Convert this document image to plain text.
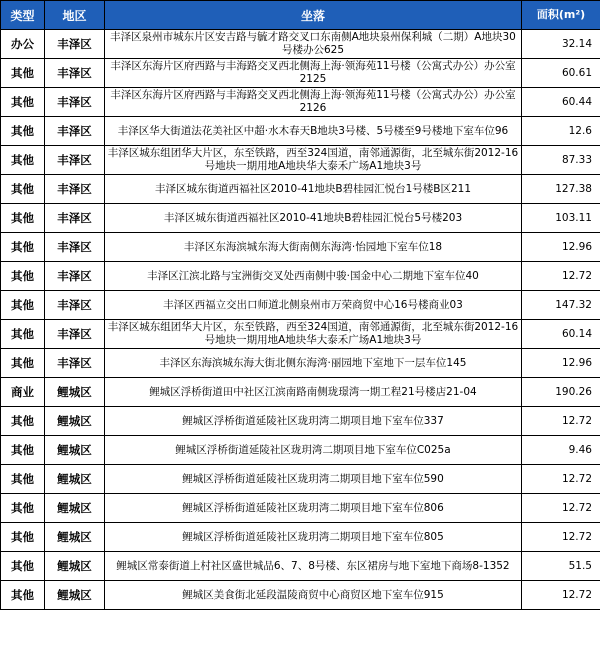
类型	地区	坐落	面积(m²)
办公	丰泽区	丰泽区泉州市城东片区安吉路与毓才路交叉口东南侧A地块泉州保利城（二期）A地块30号楼办公625	32.14
其他	丰泽区	丰泽区东海片区府西路与丰海路交叉西北侧海上海·领海苑11号楼（公寓式办公）办公室2125	60.61
其他	丰泽区	丰泽区东海片区府西路与丰海路交叉西北侧海上海·领海苑11号楼（公寓式办公）办公室2126	60.44
其他	丰泽区	丰泽区华大街道法花美社区中超·水木春天B地块3号楼、5号楼至9号楼地下室车位96	12.6
其他	丰泽区	丰泽区城东组团华大片区，东至铁路，西至324国道，南邻通源街，北至城东街2012-16号地块一期用地A地块华大泰禾广场A1地块3号	87.33
其他	丰泽区	丰泽区城东街道西福社区2010-41地块B碧桂园汇悦台1号楼B区211	127.38
其他	丰泽区	丰泽区城东街道西福社区2010-41地块B碧桂园汇悦台5号楼203	103.11
其他	丰泽区	丰泽区东海滨城东海大街南侧东海湾·怡园地下室车位18	12.96
其他	丰泽区	丰泽区江滨北路与宝洲街交叉处西南侧中骏·国金中心二期地下室车位40	12.72
其他	丰泽区	丰泽区西福立交出口师道北侧泉州市万荣商贸中心16号楼商业03	147.32
其他	丰泽区	丰泽区城东组团华大片区，东至铁路，西至324国道，南邻通源街，北至城东街2012-16号地块一期用地A地块华大泰禾广场A1地块3号	60.14
其他	丰泽区	丰泽区东海滨城东海大街北侧东海湾·丽园地下室地下一层车位145	12.96
商业	鲤城区	鲤城区浮桥街道田中社区江滨南路南侧珑璟湾一期工程21号楼店21-04	190.26
其他	鲤城区	鲤城区浮桥街道延陵社区珑玥湾二期项目地下室车位337	12.72
其他	鲤城区	鲤城区浮桥街道延陵社区珑玥湾二期项目地下室车位C025a	9.46
其他	鲤城区	鲤城区浮桥街道延陵社区珑玥湾二期项目地下室车位590	12.72
其他	鲤城区	鲤城区浮桥街道延陵社区珑玥湾二期项目地下室车位806	12.72
其他	鲤城区	鲤城区浮桥街道延陵社区珑玥湾二期项目地下室车位805	12.72
其他	鲤城区	鲤城区常泰街道上村社区盛世城品6、7、8号楼、东区裙房与地下室地下商场8-1352	51.5
其他	鲤城区	鲤城区美食街北延段温陵商贸中心商贸区地下室车位915	12.72
